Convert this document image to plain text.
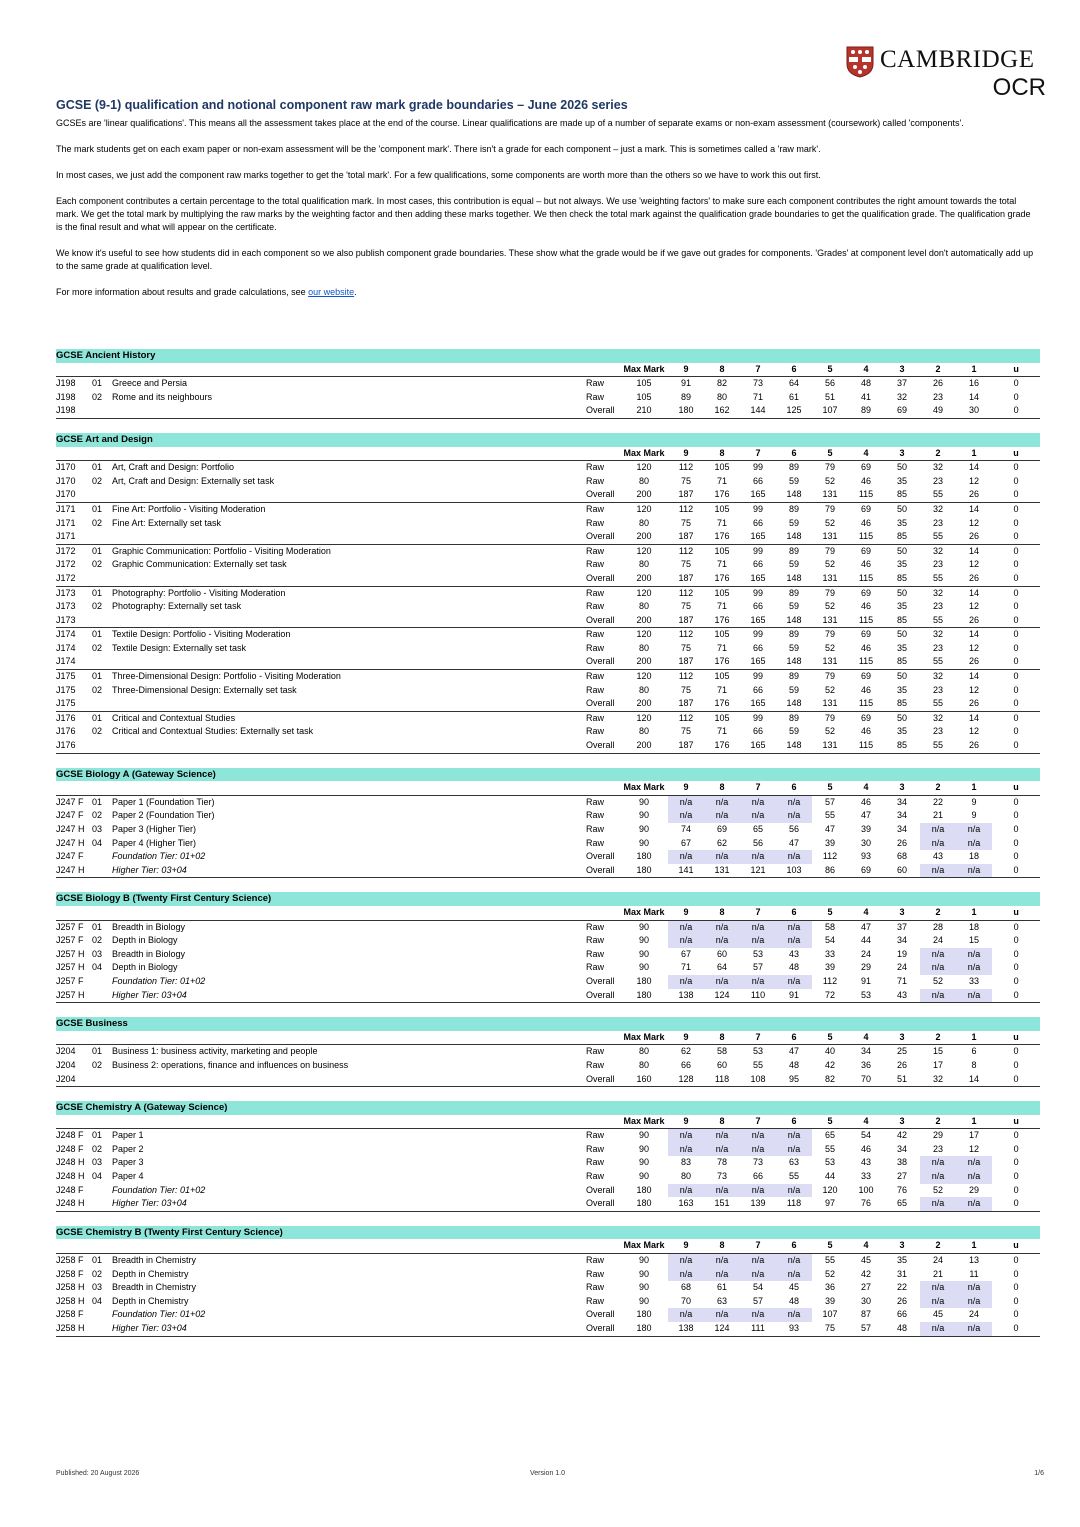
CAMBRIDGE
OCR
GCSE (9-1) qualification and notional component raw mark grade boundaries – June 2026 series

GCSEs are 'linear qualifications'. This means all the assessment takes place at the end of the course. Linear qualifications are made up of a number of separate exams or non-exam assessment (coursework) called 'components'.

The mark students get on each exam paper or non-exam assessment will be the 'component mark'. There isn't a grade for each component – just a mark. This is sometimes called a 'raw mark'.

In most cases, we just add the component raw marks together to get the 'total mark'. For a few qualifications, some components are worth more than the others so we have to work this out first.

Each component contributes a certain percentage to the total qualification mark. In most cases, this contribution is equal – but not always. We use 'weighting factors' to make sure each component contributes the right amount towards the total mark. We get the total mark by multiplying the raw marks by the weighting factor and then adding these marks together. We then check the total mark against the qualification grade boundaries to get the qualification grade. The qualification grade is the final result and what will appear on the certificate.

We know it's useful to see how students did in each component so we also publish component grade boundaries. These show what the grade would be if we gave out grades for components. 'Grades' at component level don't automatically add up to the same grade at qualification level.

For more information about results and grade calculations, see our website.

GCSE Ancient History															
					Max Mark	9	8	7	6	5	4	3	2	1	u
J198		01	Greece and Persia	Raw	105	91	82	73	64	56	48	37	26	16	0
J198		02	Rome and its neighbours	Raw	105	89	80	71	61	51	41	32	23	14	0
J198				Overall	210	180	162	144	125	107	89	69	49	30	0
GCSE Art and Design															
					Max Mark	9	8	7	6	5	4	3	2	1	u
J170		01	Art, Craft and Design: Portfolio	Raw	120	112	105	99	89	79	69	50	32	14	0
J170		02	Art, Craft and Design: Externally set task	Raw	80	75	71	66	59	52	46	35	23	12	0
J170				Overall	200	187	176	165	148	131	115	85	55	26	0
J171		01	Fine Art: Portfolio - Visiting Moderation	Raw	120	112	105	99	89	79	69	50	32	14	0
J171		02	Fine Art: Externally set task	Raw	80	75	71	66	59	52	46	35	23	12	0
J171				Overall	200	187	176	165	148	131	115	85	55	26	0
J172		01	Graphic Communication: Portfolio - Visiting Moderation	Raw	120	112	105	99	89	79	69	50	32	14	0
J172		02	Graphic Communication: Externally set task	Raw	80	75	71	66	59	52	46	35	23	12	0
J172				Overall	200	187	176	165	148	131	115	85	55	26	0
J173		01	Photography: Portfolio - Visiting Moderation	Raw	120	112	105	99	89	79	69	50	32	14	0
J173		02	Photography: Externally set task	Raw	80	75	71	66	59	52	46	35	23	12	0
J173				Overall	200	187	176	165	148	131	115	85	55	26	0
J174		01	Textile Design: Portfolio - Visiting Moderation	Raw	120	112	105	99	89	79	69	50	32	14	0
J174		02	Textile Design: Externally set task	Raw	80	75	71	66	59	52	46	35	23	12	0
J174				Overall	200	187	176	165	148	131	115	85	55	26	0
J175		01	Three-Dimensional Design: Portfolio - Visiting Moderation	Raw	120	112	105	99	89	79	69	50	32	14	0
J175		02	Three-Dimensional Design: Externally set task	Raw	80	75	71	66	59	52	46	35	23	12	0
J175				Overall	200	187	176	165	148	131	115	85	55	26	0
J176		01	Critical and Contextual Studies	Raw	120	112	105	99	89	79	69	50	32	14	0
J176		02	Critical and Contextual Studies: Externally set task	Raw	80	75	71	66	59	52	46	35	23	12	0
J176				Overall	200	187	176	165	148	131	115	85	55	26	0
GCSE Biology A (Gateway Science)															
					Max Mark	9	8	7	6	5	4	3	2	1	u
J247	F	01	Paper 1 (Foundation Tier)	Raw	90	n/a	n/a	n/a	n/a	57	46	34	22	9	0
J247	F	02	Paper 2 (Foundation Tier)	Raw	90	n/a	n/a	n/a	n/a	55	47	34	21	9	0
J247	H	03	Paper 3 (Higher Tier)	Raw	90	74	69	65	56	47	39	34	n/a	n/a	0
J247	H	04	Paper 4 (Higher Tier)	Raw	90	67	62	56	47	39	30	26	n/a	n/a	0
J247	F		Foundation Tier: 01+02	Overall	180	n/a	n/a	n/a	n/a	112	93	68	43	18	0
J247	H		Higher Tier: 03+04	Overall	180	141	131	121	103	86	69	60	n/a	n/a	0
GCSE Biology B (Twenty First Century Science)															
					Max Mark	9	8	7	6	5	4	3	2	1	u
J257	F	01	Breadth in Biology	Raw	90	n/a	n/a	n/a	n/a	58	47	37	28	18	0
J257	F	02	Depth in Biology	Raw	90	n/a	n/a	n/a	n/a	54	44	34	24	15	0
J257	H	03	Breadth in Biology	Raw	90	67	60	53	43	33	24	19	n/a	n/a	0
J257	H	04	Depth in Biology	Raw	90	71	64	57	48	39	29	24	n/a	n/a	0
J257	F		Foundation Tier: 01+02	Overall	180	n/a	n/a	n/a	n/a	112	91	71	52	33	0
J257	H		Higher Tier: 03+04	Overall	180	138	124	110	91	72	53	43	n/a	n/a	0
GCSE Business															
					Max Mark	9	8	7	6	5	4	3	2	1	u
J204		01	Business 1: business activity, marketing and people	Raw	80	62	58	53	47	40	34	25	15	6	0
J204		02	Business 2: operations, finance and influences on business	Raw	80	66	60	55	48	42	36	26	17	8	0
J204				Overall	160	128	118	108	95	82	70	51	32	14	0
GCSE Chemistry A (Gateway Science)															
					Max Mark	9	8	7	6	5	4	3	2	1	u
J248	F	01	Paper 1	Raw	90	n/a	n/a	n/a	n/a	65	54	42	29	17	0
J248	F	02	Paper 2	Raw	90	n/a	n/a	n/a	n/a	55	46	34	23	12	0
J248	H	03	Paper 3	Raw	90	83	78	73	63	53	43	38	n/a	n/a	0
J248	H	04	Paper 4	Raw	90	80	73	66	55	44	33	27	n/a	n/a	0
J248	F		Foundation Tier: 01+02	Overall	180	n/a	n/a	n/a	n/a	120	100	76	52	29	0
J248	H		Higher Tier: 03+04	Overall	180	163	151	139	118	97	76	65	n/a	n/a	0
GCSE Chemistry B (Twenty First Century Science)															
					Max Mark	9	8	7	6	5	4	3	2	1	u
J258	F	01	Breadth in Chemistry	Raw	90	n/a	n/a	n/a	n/a	55	45	35	24	13	0
J258	F	02	Depth in Chemistry	Raw	90	n/a	n/a	n/a	n/a	52	42	31	21	11	0
J258	H	03	Breadth in Chemistry	Raw	90	68	61	54	45	36	27	22	n/a	n/a	0
J258	H	04	Depth in Chemistry	Raw	90	70	63	57	48	39	30	26	n/a	n/a	0
J258	F		Foundation Tier: 01+02	Overall	180	n/a	n/a	n/a	n/a	107	87	66	45	24	0
J258	H		Higher Tier: 03+04	Overall	180	138	124	111	93	75	57	48	n/a	n/a	0
Published: 20 August 2026	Version 1.0	1/6
